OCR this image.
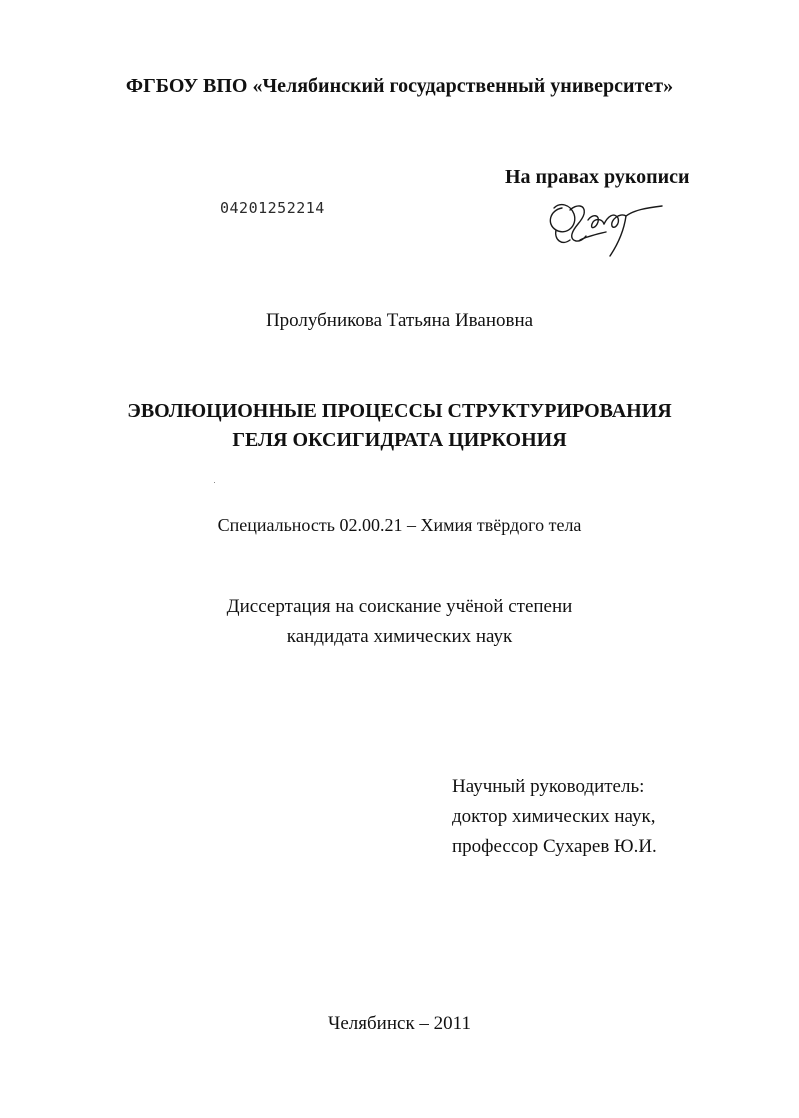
ФГБОУ ВПО «Челябинский государственный университет»
На правах рукописи
04201252214
Пролубникова Татьяна Ивановна
ЭВОЛЮЦИОННЫЕ ПРОЦЕССЫ СТРУКТУРИРОВАНИЯ
ГЕЛЯ ОКСИГИДРАТА ЦИРКОНИЯ
Специальность 02.00.21 – Химия твёрдого тела
Диссертация на соискание учёной степени
кандидата химических наук
Научный руководитель:
доктор химических наук,
профессор Сухарев Ю.И.
Челябинск – 2011
